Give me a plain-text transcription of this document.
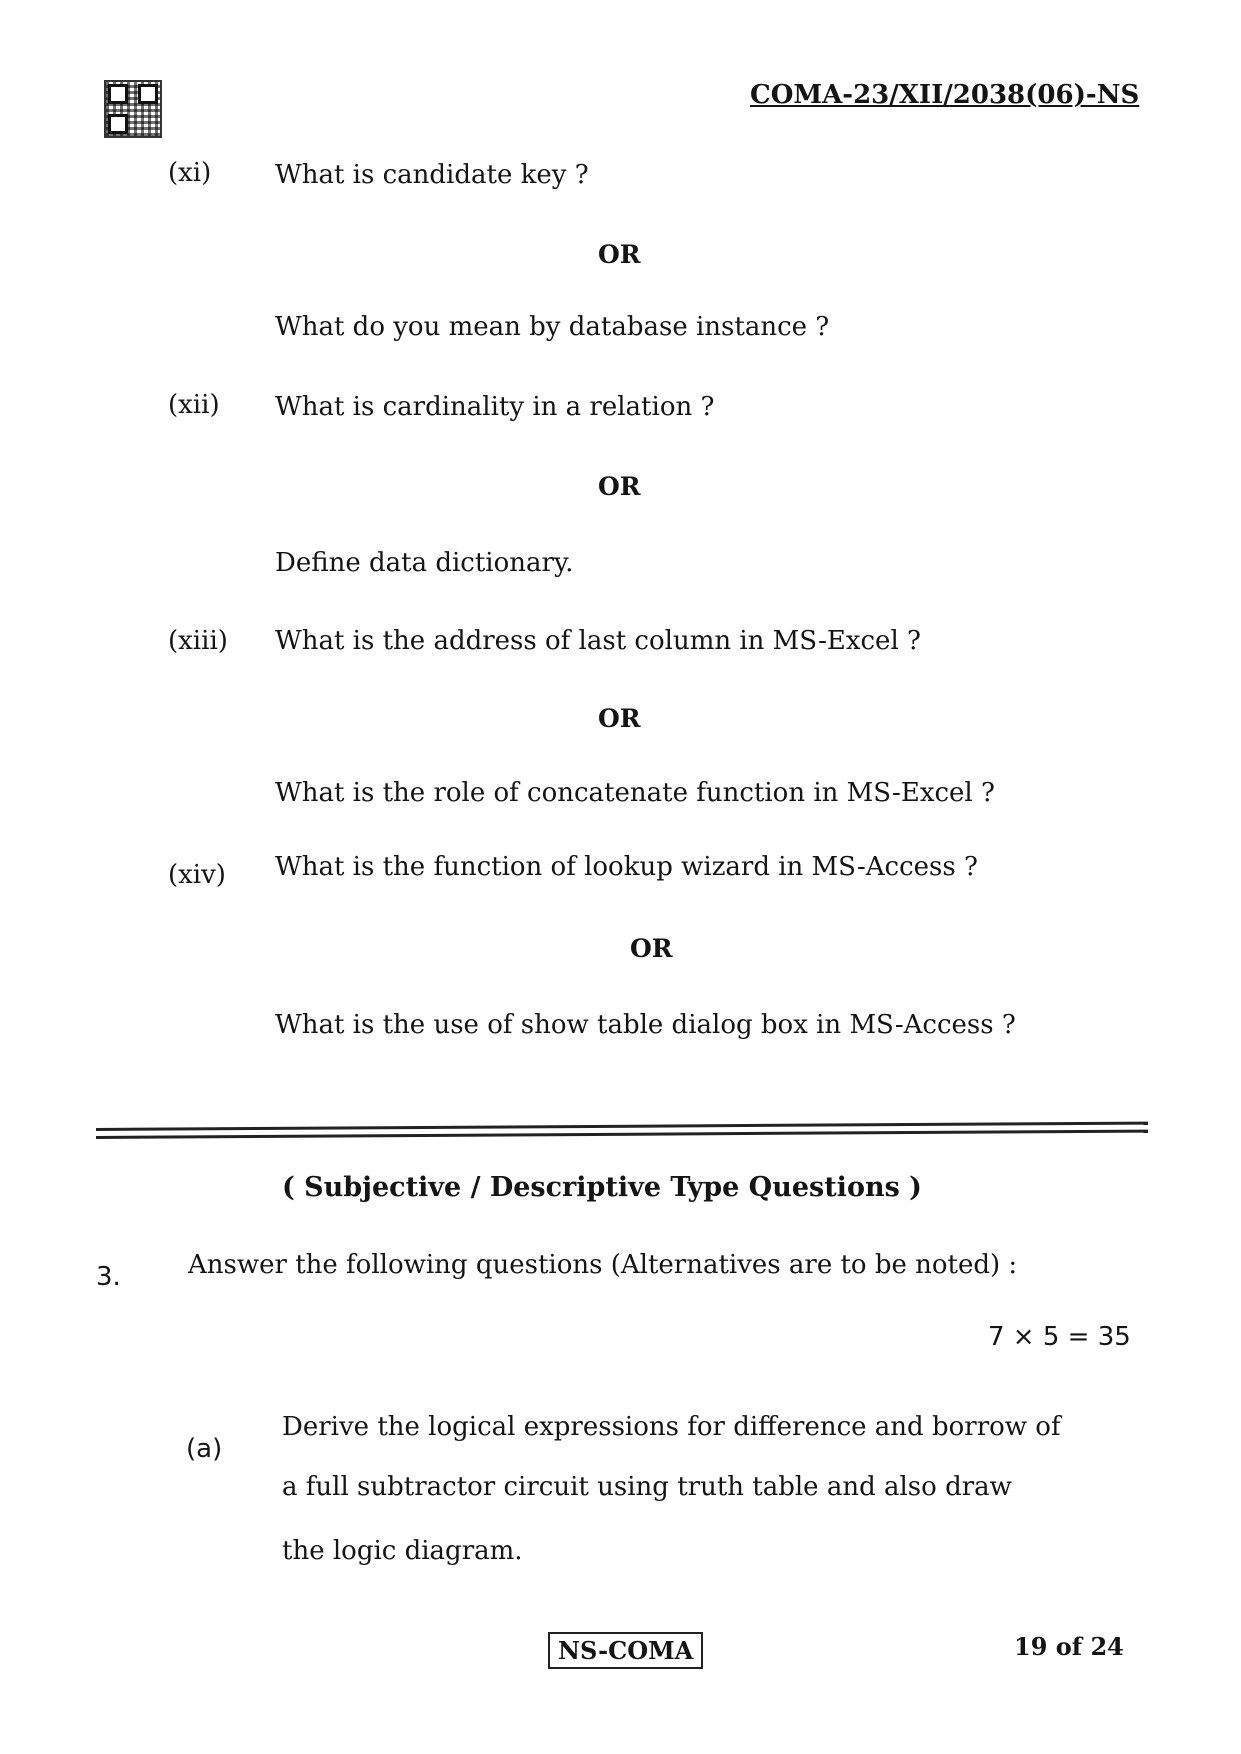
COMA-23/XII/2038(06)-NS
(xi) What is candidate key ?
OR
What do you mean by database instance ?
(xii) What is cardinality in a relation ?
OR
Define data dictionary.
(xiii) What is the address of last column in MS-Excel ?
OR
What is the role of concatenate function in MS-Excel ?
(xiv) What is the function of lookup wizard in MS-Access ?
OR
What is the use of show table dialog box in MS-Access ?
( Subjective / Descriptive Type Questions )
3.	Answer the following questions (Alternatives are to be noted) :
7 × 5 = 35
(a)
Derive the logical expressions for difference and borrow of
a full subtractor circuit using truth table and also draw
the logic diagram.
NS-COMA	19 of 24
